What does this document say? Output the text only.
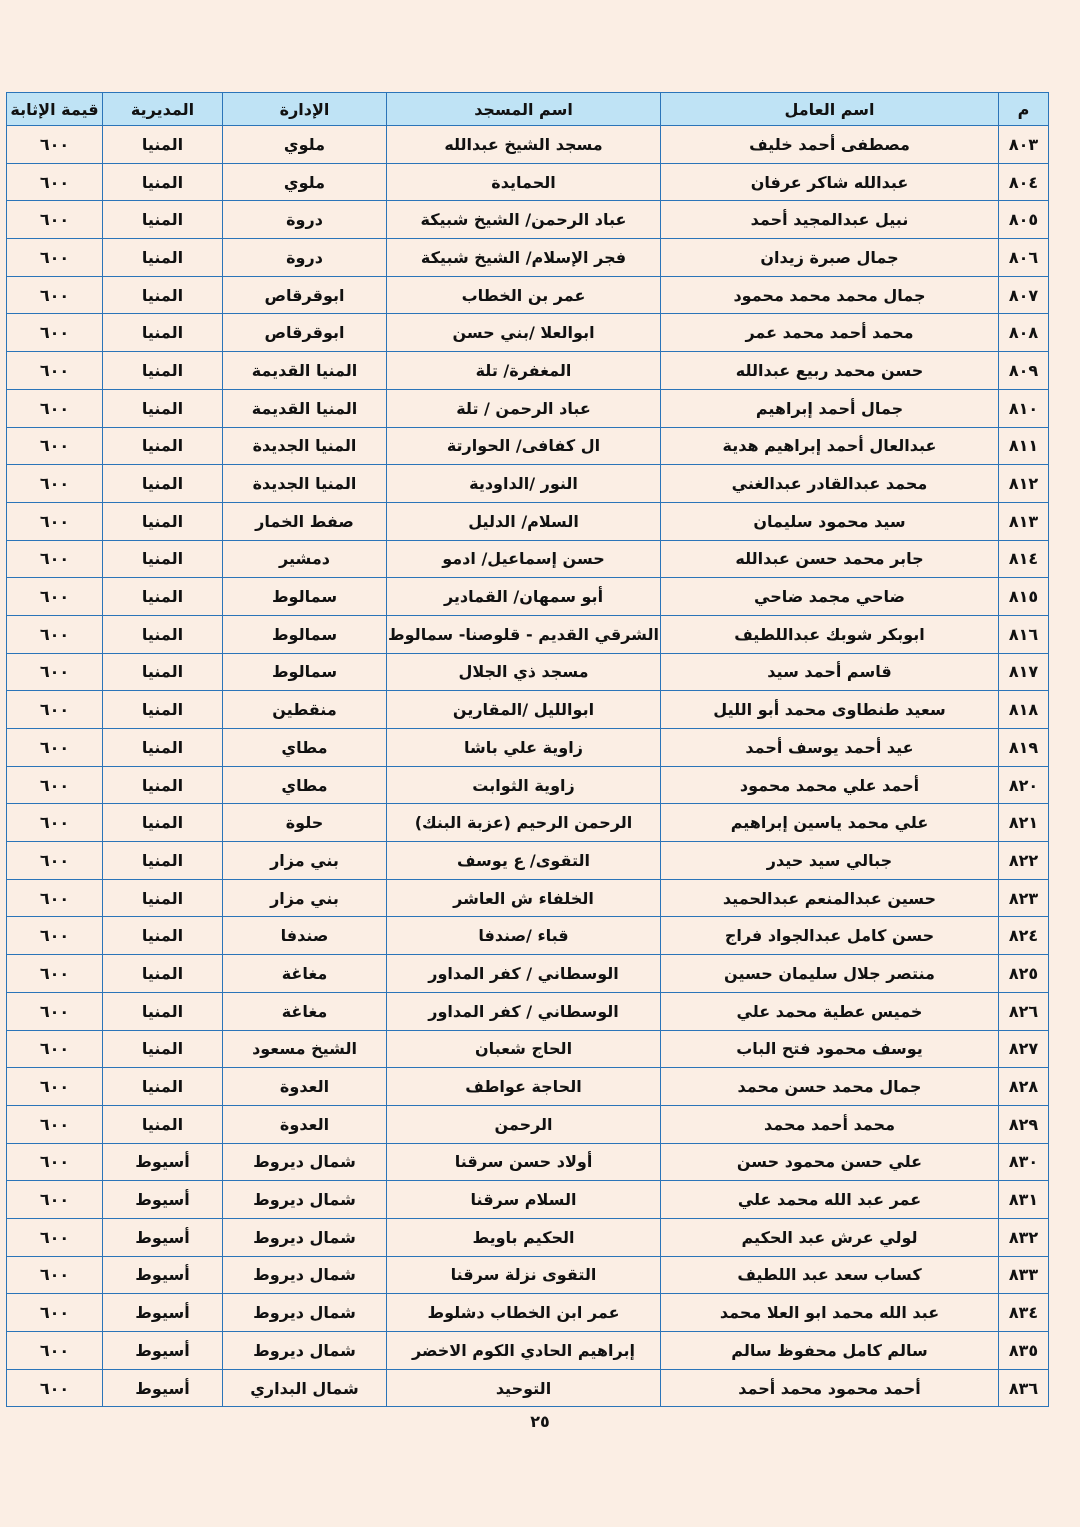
م	اسم العامل	اسم المسجد	الإدارة	المديرية	قيمة الإثابة
٨٠٣	مصطفى أحمد خليف	مسجد الشيخ عبدالله	ملوي	المنيا	٦٠٠
٨٠٤	عبدالله شاكر عرفان	الحمايدة	ملوي	المنيا	٦٠٠
٨٠٥	نبيل عبدالمجيد أحمد	عباد الرحمن/ الشيخ شبيكة	دروة	المنيا	٦٠٠
٨٠٦	جمال صبرة زيدان	فجر الإسلام/ الشيخ شبيكة	دروة	المنيا	٦٠٠
٨٠٧	جمال محمد محمد محمود	عمر بن الخطاب	ابوقرقاص	المنيا	٦٠٠
٨٠٨	محمد أحمد محمد عمر	ابوالعلا /بني حسن	ابوقرقاص	المنيا	٦٠٠
٨٠٩	حسن محمد ربيع عبدالله	المغفرة/ تلة	المنيا القديمة	المنيا	٦٠٠
٨١٠	جمال أحمد إبراهيم	عباد الرحمن / تلة	المنيا القديمة	المنيا	٦٠٠
٨١١	عبدالعال أحمد إبراهيم هدية	ال كفافى/ الحوارتة	المنيا الجديدة	المنيا	٦٠٠
٨١٢	محمد عبدالقادر عبدالغني	النور /الداودية	المنيا الجديدة	المنيا	٦٠٠
٨١٣	سيد محمود سليمان	السلام/ الدليل	صفط الخمار	المنيا	٦٠٠
٨١٤	جابر محمد حسن عبدالله	حسن إسماعيل/ ادمو	دمشير	المنيا	٦٠٠
٨١٥	ضاحي مجمد ضاحي	أبو سمهان/ القمادير	سمالوط	المنيا	٦٠٠
٨١٦	ابوبكر شوبك عبداللطيف	الشرقي القديم - قلوصنا- سمالوط	سمالوط	المنيا	٦٠٠
٨١٧	قاسم أحمد سيد	مسجد ذي الجلال	سمالوط	المنيا	٦٠٠
٨١٨	سعيد طنطاوى محمد أبو الليل	ابوالليل /المقارين	منقطين	المنيا	٦٠٠
٨١٩	عيد أحمد يوسف أحمد	زاوية علي باشا	مطاي	المنيا	٦٠٠
٨٢٠	أحمد علي محمد محمود	زاوية الثوابت	مطاي	المنيا	٦٠٠
٨٢١	علي محمد ياسين إبراهيم	الرحمن الرحيم (عزبة البنك)	حلوة	المنيا	٦٠٠
٨٢٢	جبالي سيد حيدر	التقوى/ ع يوسف	بني مزار	المنيا	٦٠٠
٨٢٣	حسين عبدالمنعم عبدالحميد	الخلفاء ش العاشر	بني مزار	المنيا	٦٠٠
٨٢٤	حسن كامل عبدالجواد فراج	قباء /صندفا	صندفا	المنيا	٦٠٠
٨٢٥	منتصر جلال سليمان حسين	الوسطاني / كفر المداور	مغاغة	المنيا	٦٠٠
٨٢٦	خميس عطية محمد علي	الوسطاني / كفر المداور	مغاغة	المنيا	٦٠٠
٨٢٧	يوسف محمود فتح الباب	الحاج شعبان	الشيخ مسعود	المنيا	٦٠٠
٨٢٨	جمال محمد حسن محمد	الحاجة عواطف	العدوة	المنيا	٦٠٠
٨٢٩	محمد أحمد محمد	الرحمن	العدوة	المنيا	٦٠٠
٨٣٠	علي حسن محمود حسن	أولاد حسن سرقنا	شمال ديروط	أسيوط	٦٠٠
٨٣١	عمر عبد الله محمد علي	السلام سرقنا	شمال ديروط	أسيوط	٦٠٠
٨٣٢	لولي عرش عبد الحكيم	الحكيم باويط	شمال ديروط	أسيوط	٦٠٠
٨٣٣	كساب سعد عبد اللطيف	التقوى نزلة سرقنا	شمال ديروط	أسيوط	٦٠٠
٨٣٤	عبد الله محمد ابو العلا محمد	عمر ابن الخطاب دشلوط	شمال ديروط	أسيوط	٦٠٠
٨٣٥	سالم كامل محفوظ سالم	إبراهيم الحادي الكوم الاخضر	شمال ديروط	أسيوط	٦٠٠
٨٣٦	أحمد محمود محمد أحمد	التوحيد	شمال البداري	أسيوط	٦٠٠
٢٥
